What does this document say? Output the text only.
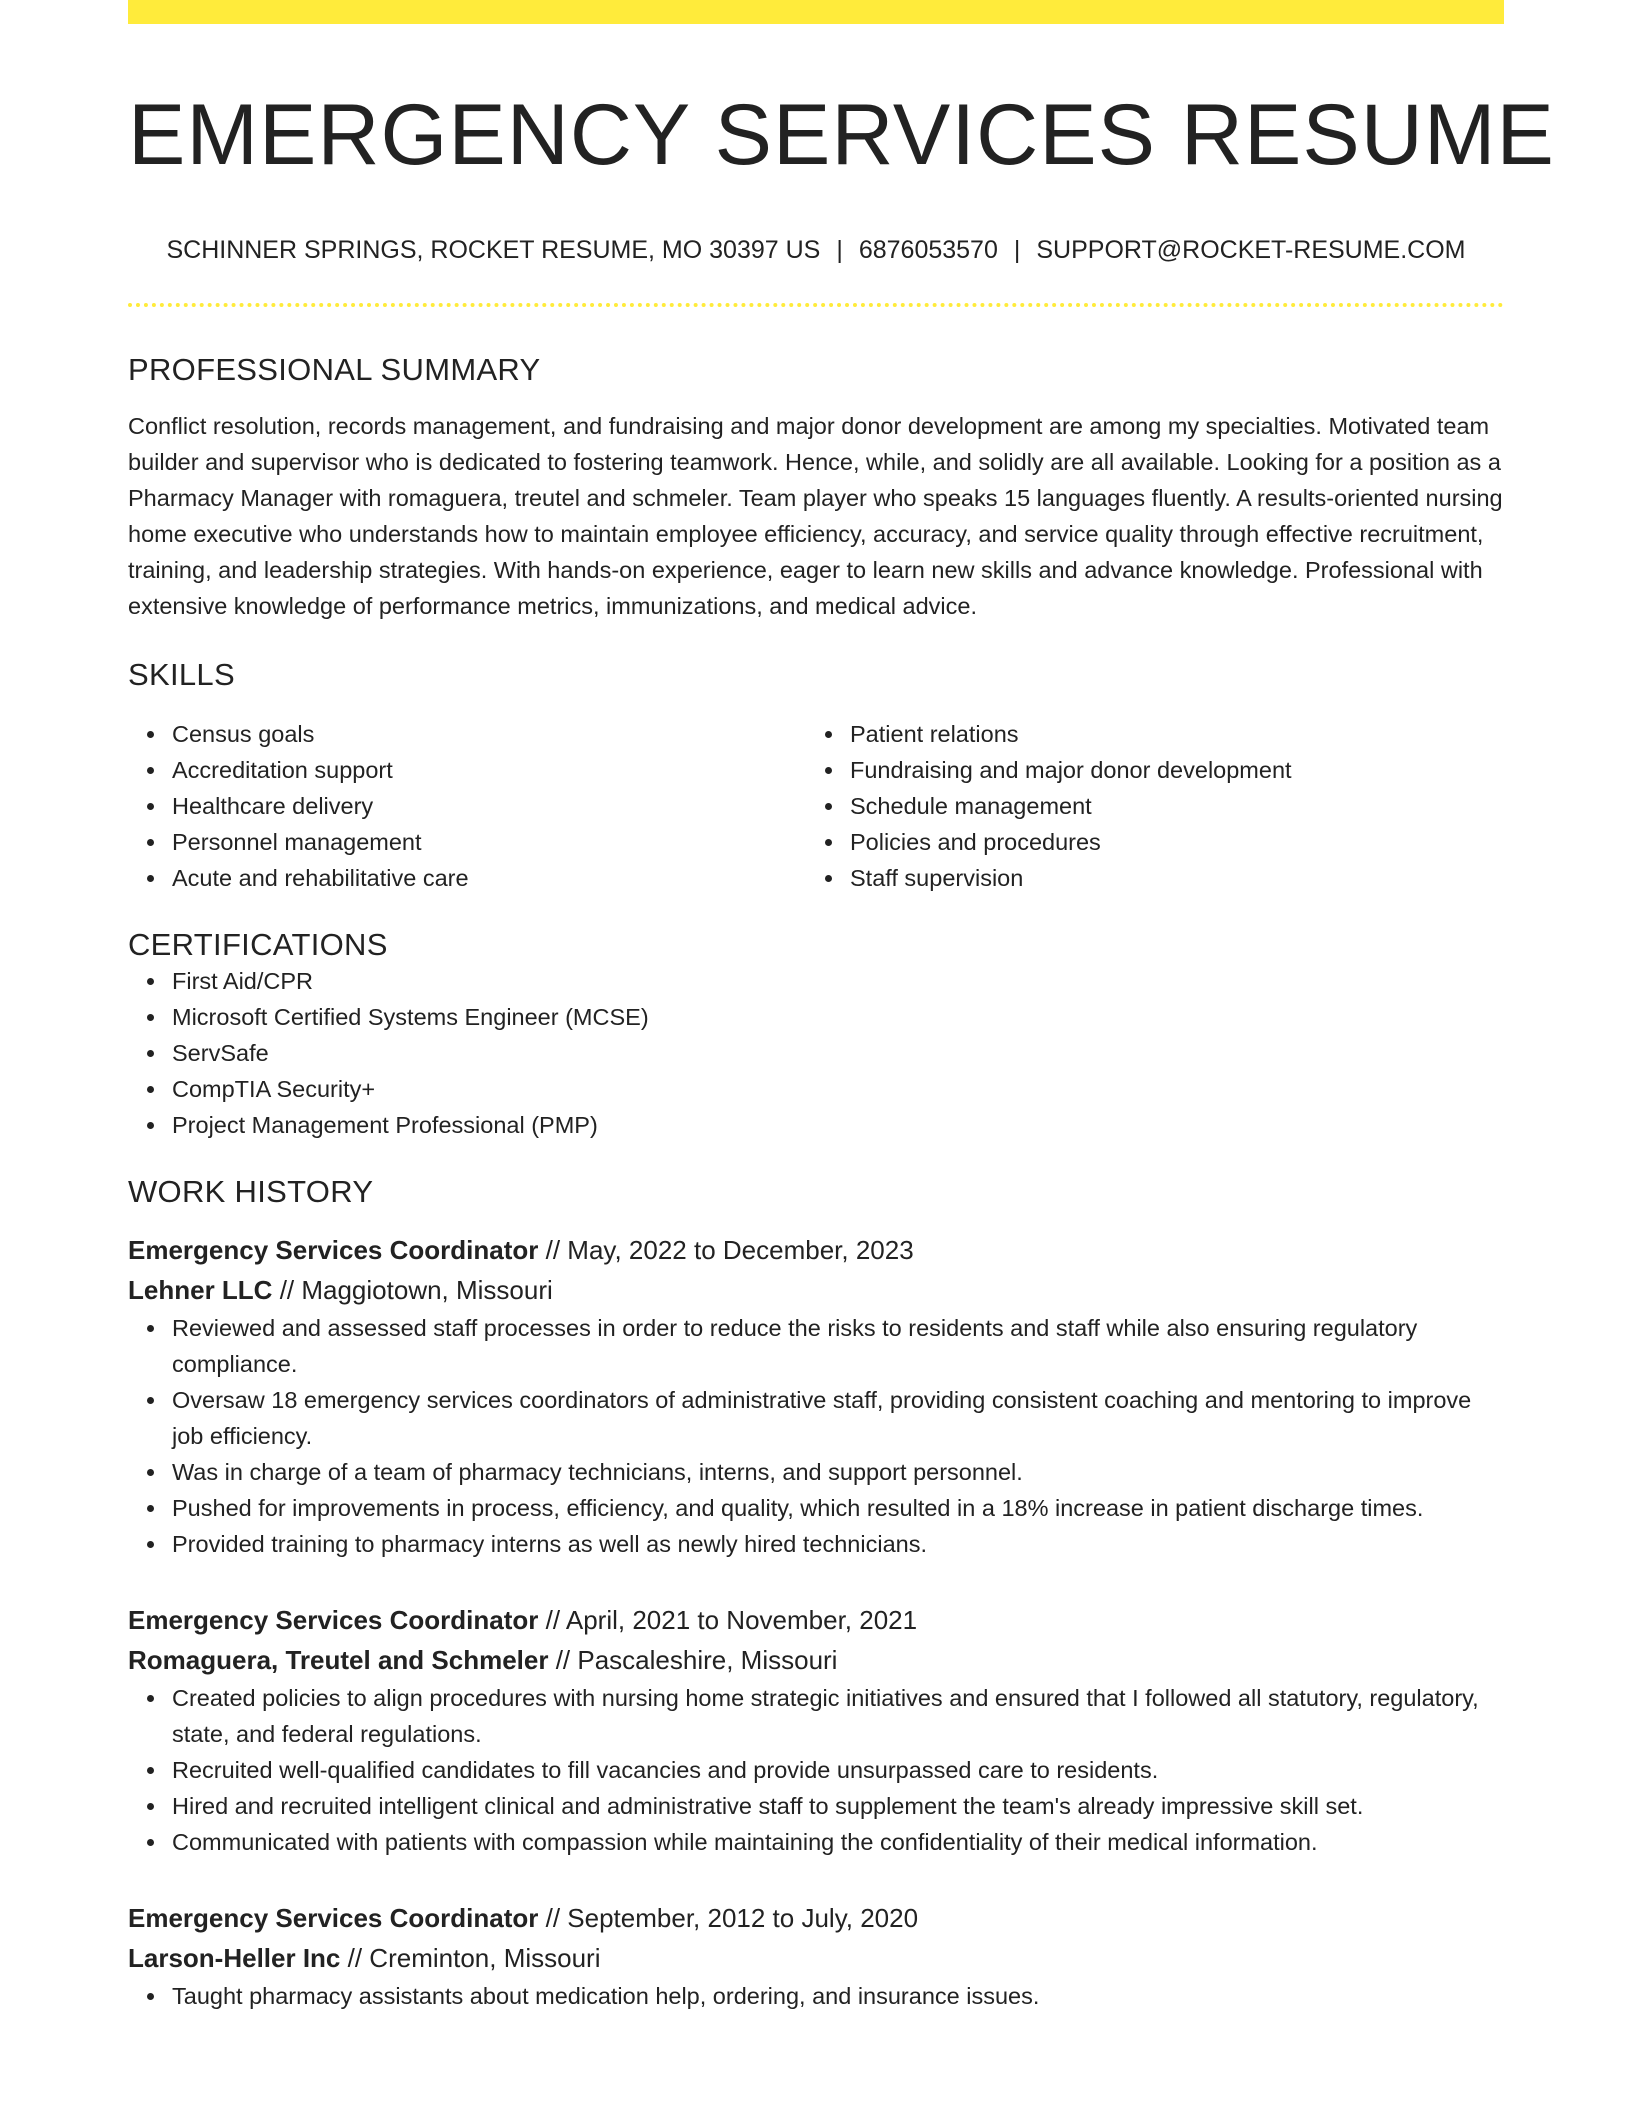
EMERGENCY SERVICES RESUME
SCHINNER SPRINGS, ROCKET RESUME, MO 30397 US | 6876053570 | SUPPORT@ROCKET-RESUME.COM
PROFESSIONAL SUMMARY

Conflict resolution, records management, and fundraising and major donor development are among my specialties. Motivated team builder and supervisor who is dedicated to fostering teamwork. Hence, while, and solidly are all available. Looking for a position as a Pharmacy Manager with romaguera, treutel and schmeler. Team player who speaks 15 languages fluently. A results-oriented nursing home executive who understands how to maintain employee efficiency, accuracy, and service quality through effective recruitment, training, and leadership strategies. With hands-on experience, eager to learn new skills and advance knowledge. Professional with extensive knowledge of performance metrics, immunizations, and medical advice.

SKILLS
Census goals
Accreditation support
Healthcare delivery
Personnel management
Acute and rehabilitative care
Patient relations
Fundraising and major donor development
Schedule management
Policies and procedures
Staff supervision
CERTIFICATIONS
First Aid/CPR
Microsoft Certified Systems Engineer (MCSE)
ServSafe
CompTIA Security+
Project Management Professional (PMP)
WORK HISTORY
Emergency Services Coordinator // May, 2022 to December, 2023
Lehner LLC // Maggiotown, Missouri
Reviewed and assessed staff processes in order to reduce the risks to residents and staff while also ensuring regulatory compliance.
Oversaw 18 emergency services coordinators of administrative staff, providing consistent coaching and mentoring to improve job efficiency.
Was in charge of a team of pharmacy technicians, interns, and support personnel.
Pushed for improvements in process, efficiency, and quality, which resulted in a 18% increase in patient discharge times.
Provided training to pharmacy interns as well as newly hired technicians.
Emergency Services Coordinator // April, 2021 to November, 2021
Romaguera, Treutel and Schmeler // Pascaleshire, Missouri
Created policies to align procedures with nursing home strategic initiatives and ensured that I followed all statutory, regulatory, state, and federal regulations.
Recruited well-qualified candidates to fill vacancies and provide unsurpassed care to residents.
Hired and recruited intelligent clinical and administrative staff to supplement the team's already impressive skill set.
Communicated with patients with compassion while maintaining the confidentiality of their medical information.
Emergency Services Coordinator // September, 2012 to July, 2020
Larson-Heller Inc // Creminton, Missouri
Taught pharmacy assistants about medication help, ordering, and insurance issues.
